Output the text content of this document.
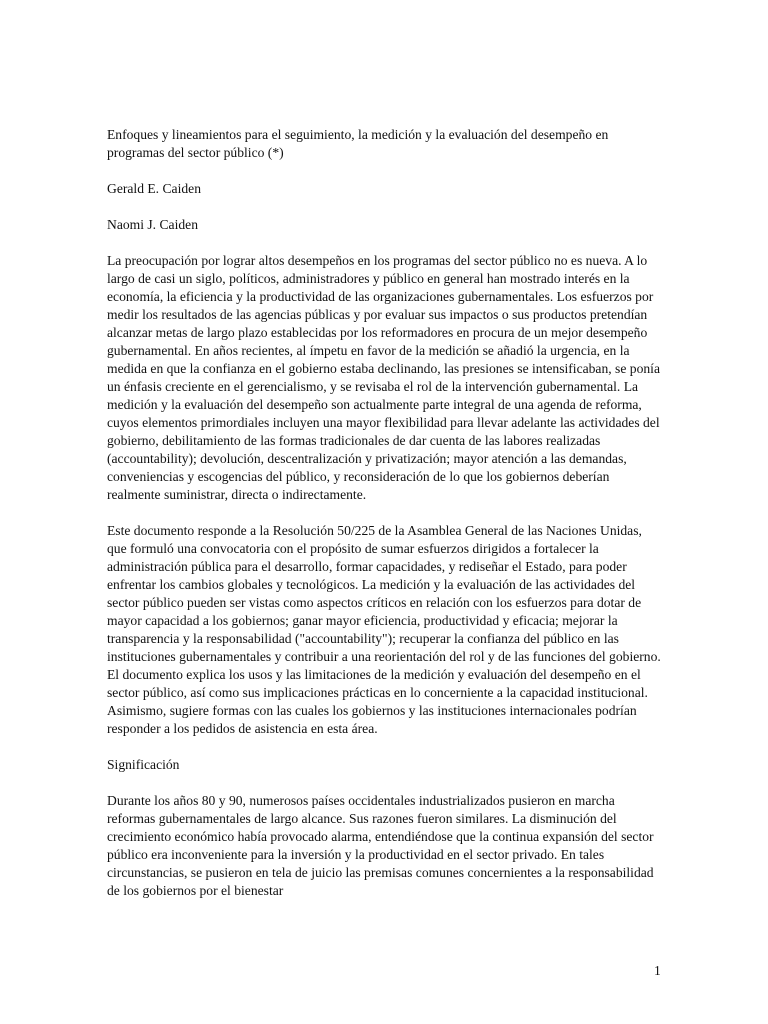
Enfoques y lineamientos para el seguimiento, la medición y la evaluación del desempeño en programas del sector público (*)

Gerald E. Caiden

Naomi J. Caiden

La preocupación por lograr altos desempeños en los programas del sector público no es nueva. A lo largo de casi un siglo, políticos, administradores y público en general han mostrado interés en la economía, la eficiencia y la productividad de las organizaciones gubernamentales. Los esfuerzos por medir los resultados de las agencias públicas y por evaluar sus impactos o sus productos pretendían alcanzar metas de largo plazo establecidas por los reformadores en procura de un mejor desempeño gubernamental. En años recientes, al ímpetu en favor de la medición se añadió la urgencia, en la medida en que la confianza en el gobierno estaba declinando, las presiones se intensificaban, se ponía un énfasis creciente en el gerencialismo, y se revisaba el rol de la intervención gubernamental. La medición y la evaluación del desempeño son actualmente parte integral de una agenda de reforma, cuyos elementos primordiales incluyen una mayor flexibilidad para llevar adelante las actividades del gobierno, debilitamiento de las formas tradicionales de dar cuenta de las labores realizadas (accountability); devolución, descentralización y privatización; mayor atención a las demandas, conveniencias y escogencias del público, y reconsideración de lo que los gobiernos deberían realmente suministrar, directa o indirectamente.

Este documento responde a la Resolución 50/225 de la Asamblea General de las Naciones Unidas, que formuló una convocatoria con el propósito de sumar esfuerzos dirigidos a fortalecer la administración pública para el desarrollo, formar capacidades, y rediseñar el Estado, para poder enfrentar los cambios globales y tecnológicos. La medición y la evaluación de las actividades del sector público pueden ser vistas como aspectos críticos en relación con los esfuerzos para dotar de mayor capacidad a los gobiernos; ganar mayor eficiencia, productividad y eficacia; mejorar la transparencia y la responsabilidad ("accountability"); recuperar la confianza del público en las instituciones gubernamentales y contribuir a una reorientación del rol y de las funciones del gobierno. El documento explica los usos y las limitaciones de la medición y evaluación del desempeño en el sector público, así como sus implicaciones prácticas en lo concerniente a la capacidad institucional. Asimismo, sugiere formas con las cuales los gobiernos y las instituciones internacionales podrían responder a los pedidos de asistencia en esta área.

Significación

Durante los años 80 y 90, numerosos países occidentales industrializados pusieron en marcha reformas gubernamentales de largo alcance. Sus razones fueron similares. La disminución del crecimiento económico había provocado alarma, entendiéndose que la continua expansión del sector público era inconveniente para la inversión y la productividad en el sector privado. En tales circunstancias, se pusieron en tela de juicio las premisas comunes concernientes a la responsabilidad de los gobiernos por el bienestar

1
